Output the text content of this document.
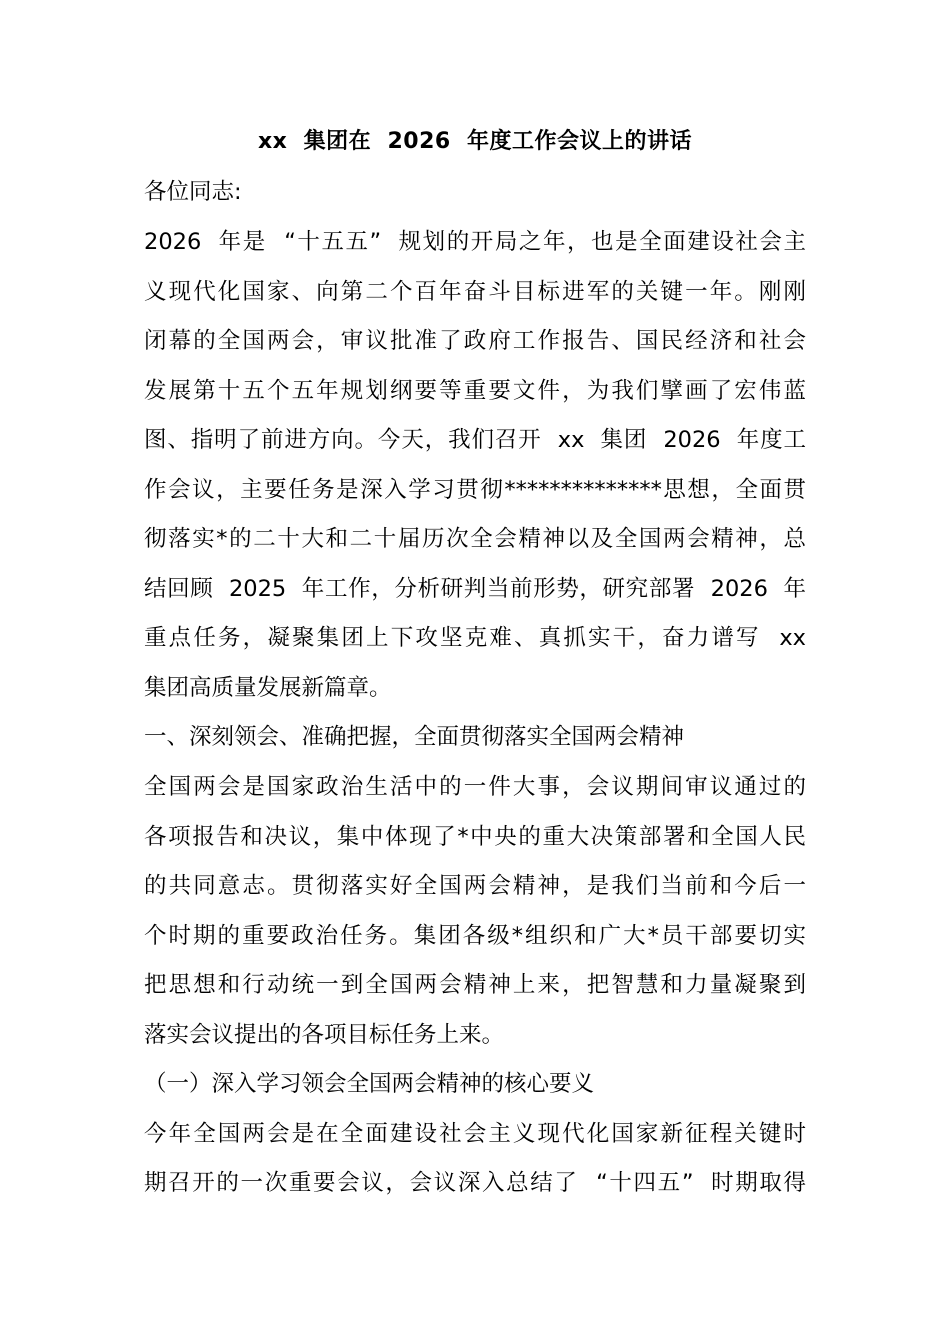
xx  集团在  2026  年度工作会议上的讲话
各位同志:
2026  年是  “十五五”  规划的开局之年，也是全面建设社会主
义现代化国家、向第二个百年奋斗目标进军的关键一年。刚刚
闭幕的全国两会，审议批准了政府工作报告、国民经济和社会
发展第十五个五年规划纲要等重要文件，为我们擘画了宏伟蓝
图、指明了前进方向。今天，我们召开  xx  集团  2026  年度工
作会议，主要任务是深入学习贯彻**************思想，全面贯
彻落实*的二十大和二十届历次全会精神以及全国两会精神，总
结回顾  2025  年工作，分析研判当前形势，研究部署  2026  年
重点任务，凝聚集团上下攻坚克难、真抓实干，奋力谱写  xx
集团高质量发展新篇章。
一、深刻领会、准确把握，全面贯彻落实全国两会精神
全国两会是国家政治生活中的一件大事，会议期间审议通过的
各项报告和决议，集中体现了*中央的重大决策部署和全国人民
的共同意志。贯彻落实好全国两会精神，是我们当前和今后一
个时期的重要政治任务。集团各级*组织和广大*员干部要切实
把思想和行动统一到全国两会精神上来，把智慧和力量凝聚到
落实会议提出的各项目标任务上来。
（一）深入学习领会全国两会精神的核心要义
今年全国两会是在全面建设社会主义现代化国家新征程关键时
期召开的一次重要会议，会议深入总结了  “十四五”  时期取得
